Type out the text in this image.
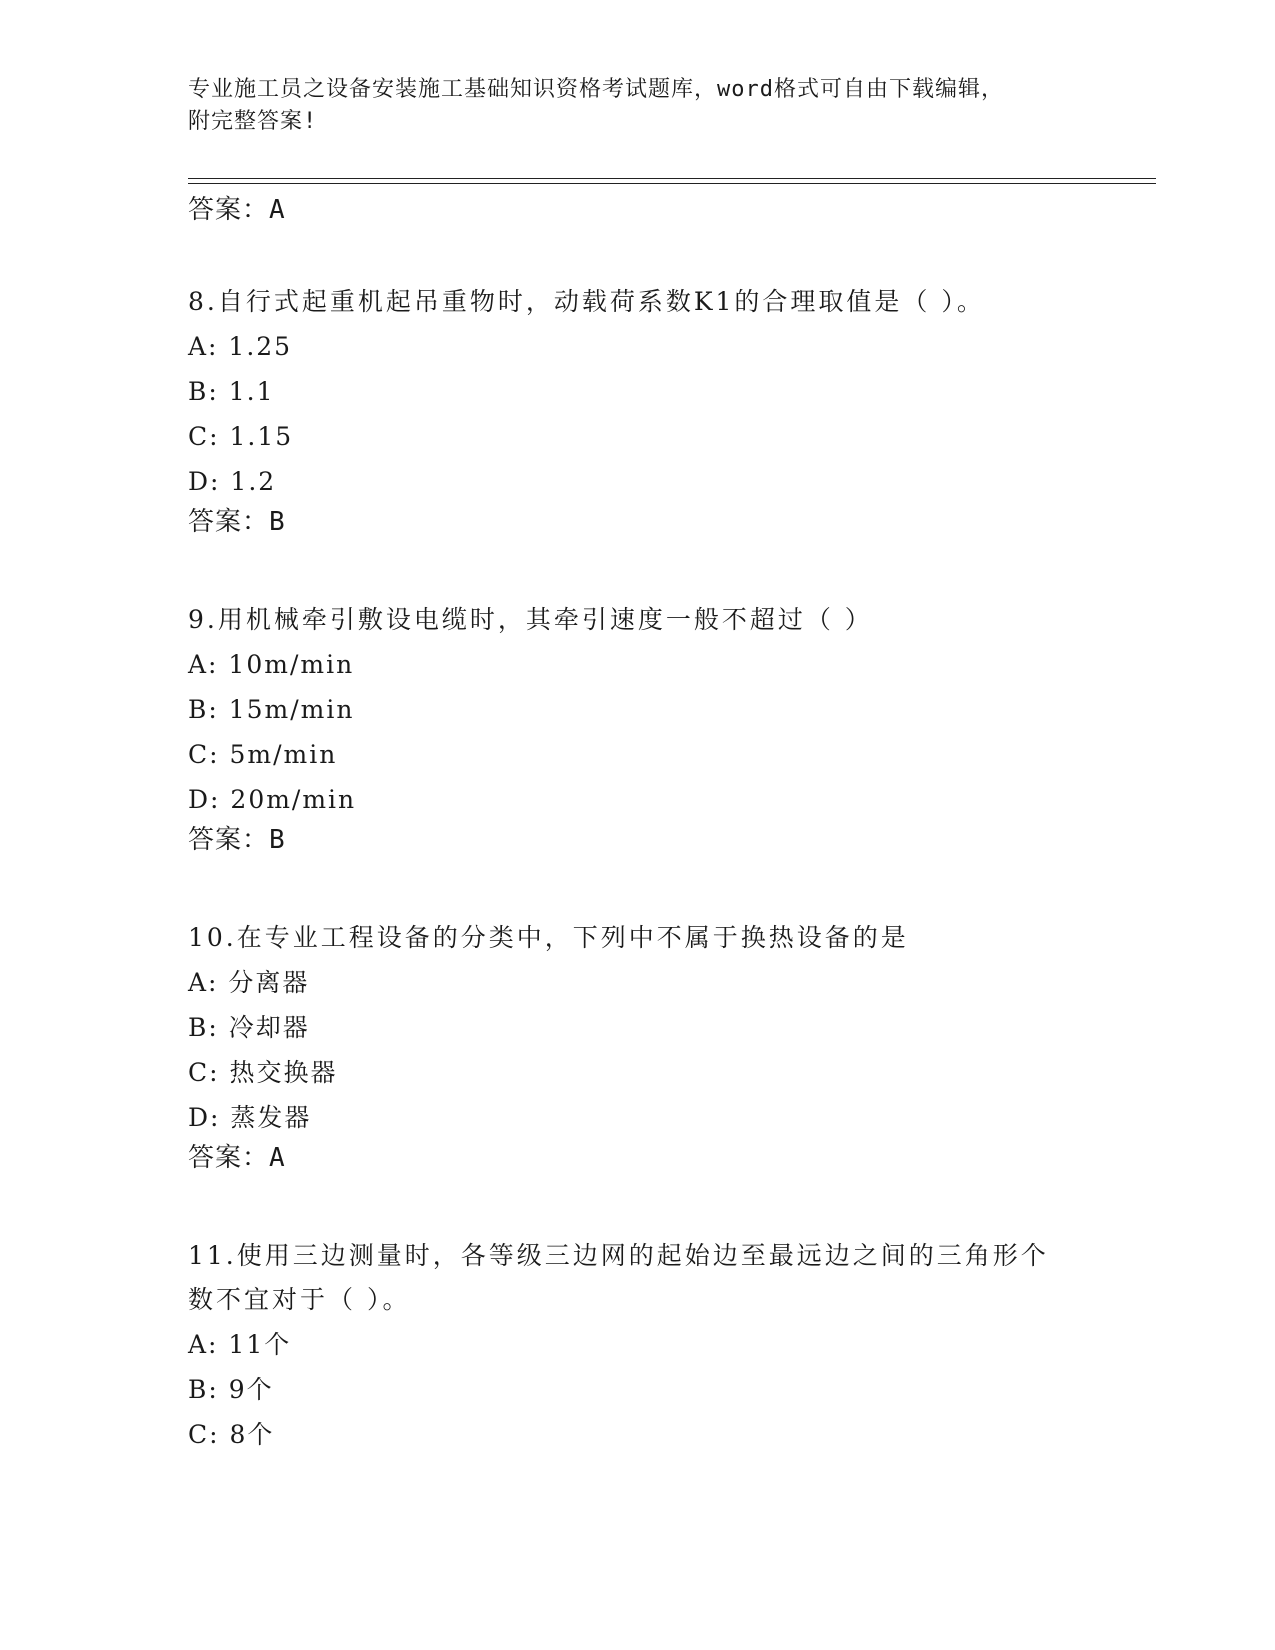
专业施工员之设备安装施工基础知识资格考试题库，word格式可自由下载编辑，
附完整答案!
答案：A
8.自行式起重机起吊重物时，动载荷系数K1的合理取值是（ ）。
A: 1.25
B: 1.1
C: 1.15
D: 1.2
答案：B
9.用机械牵引敷设电缆时，其牵引速度一般不超过（ ）
A: 10m/min
B: 15m/min
C: 5m/min
D: 20m/min
答案：B
10.在专业工程设备的分类中，下列中不属于换热设备的是
A: 分离器
B: 冷却器
C: 热交换器
D: 蒸发器
答案：A
11.使用三边测量时，各等级三边网的起始边至最远边之间的三角形个
数不宜对于（ ）。
A: 11个
B: 9个
C: 8个
